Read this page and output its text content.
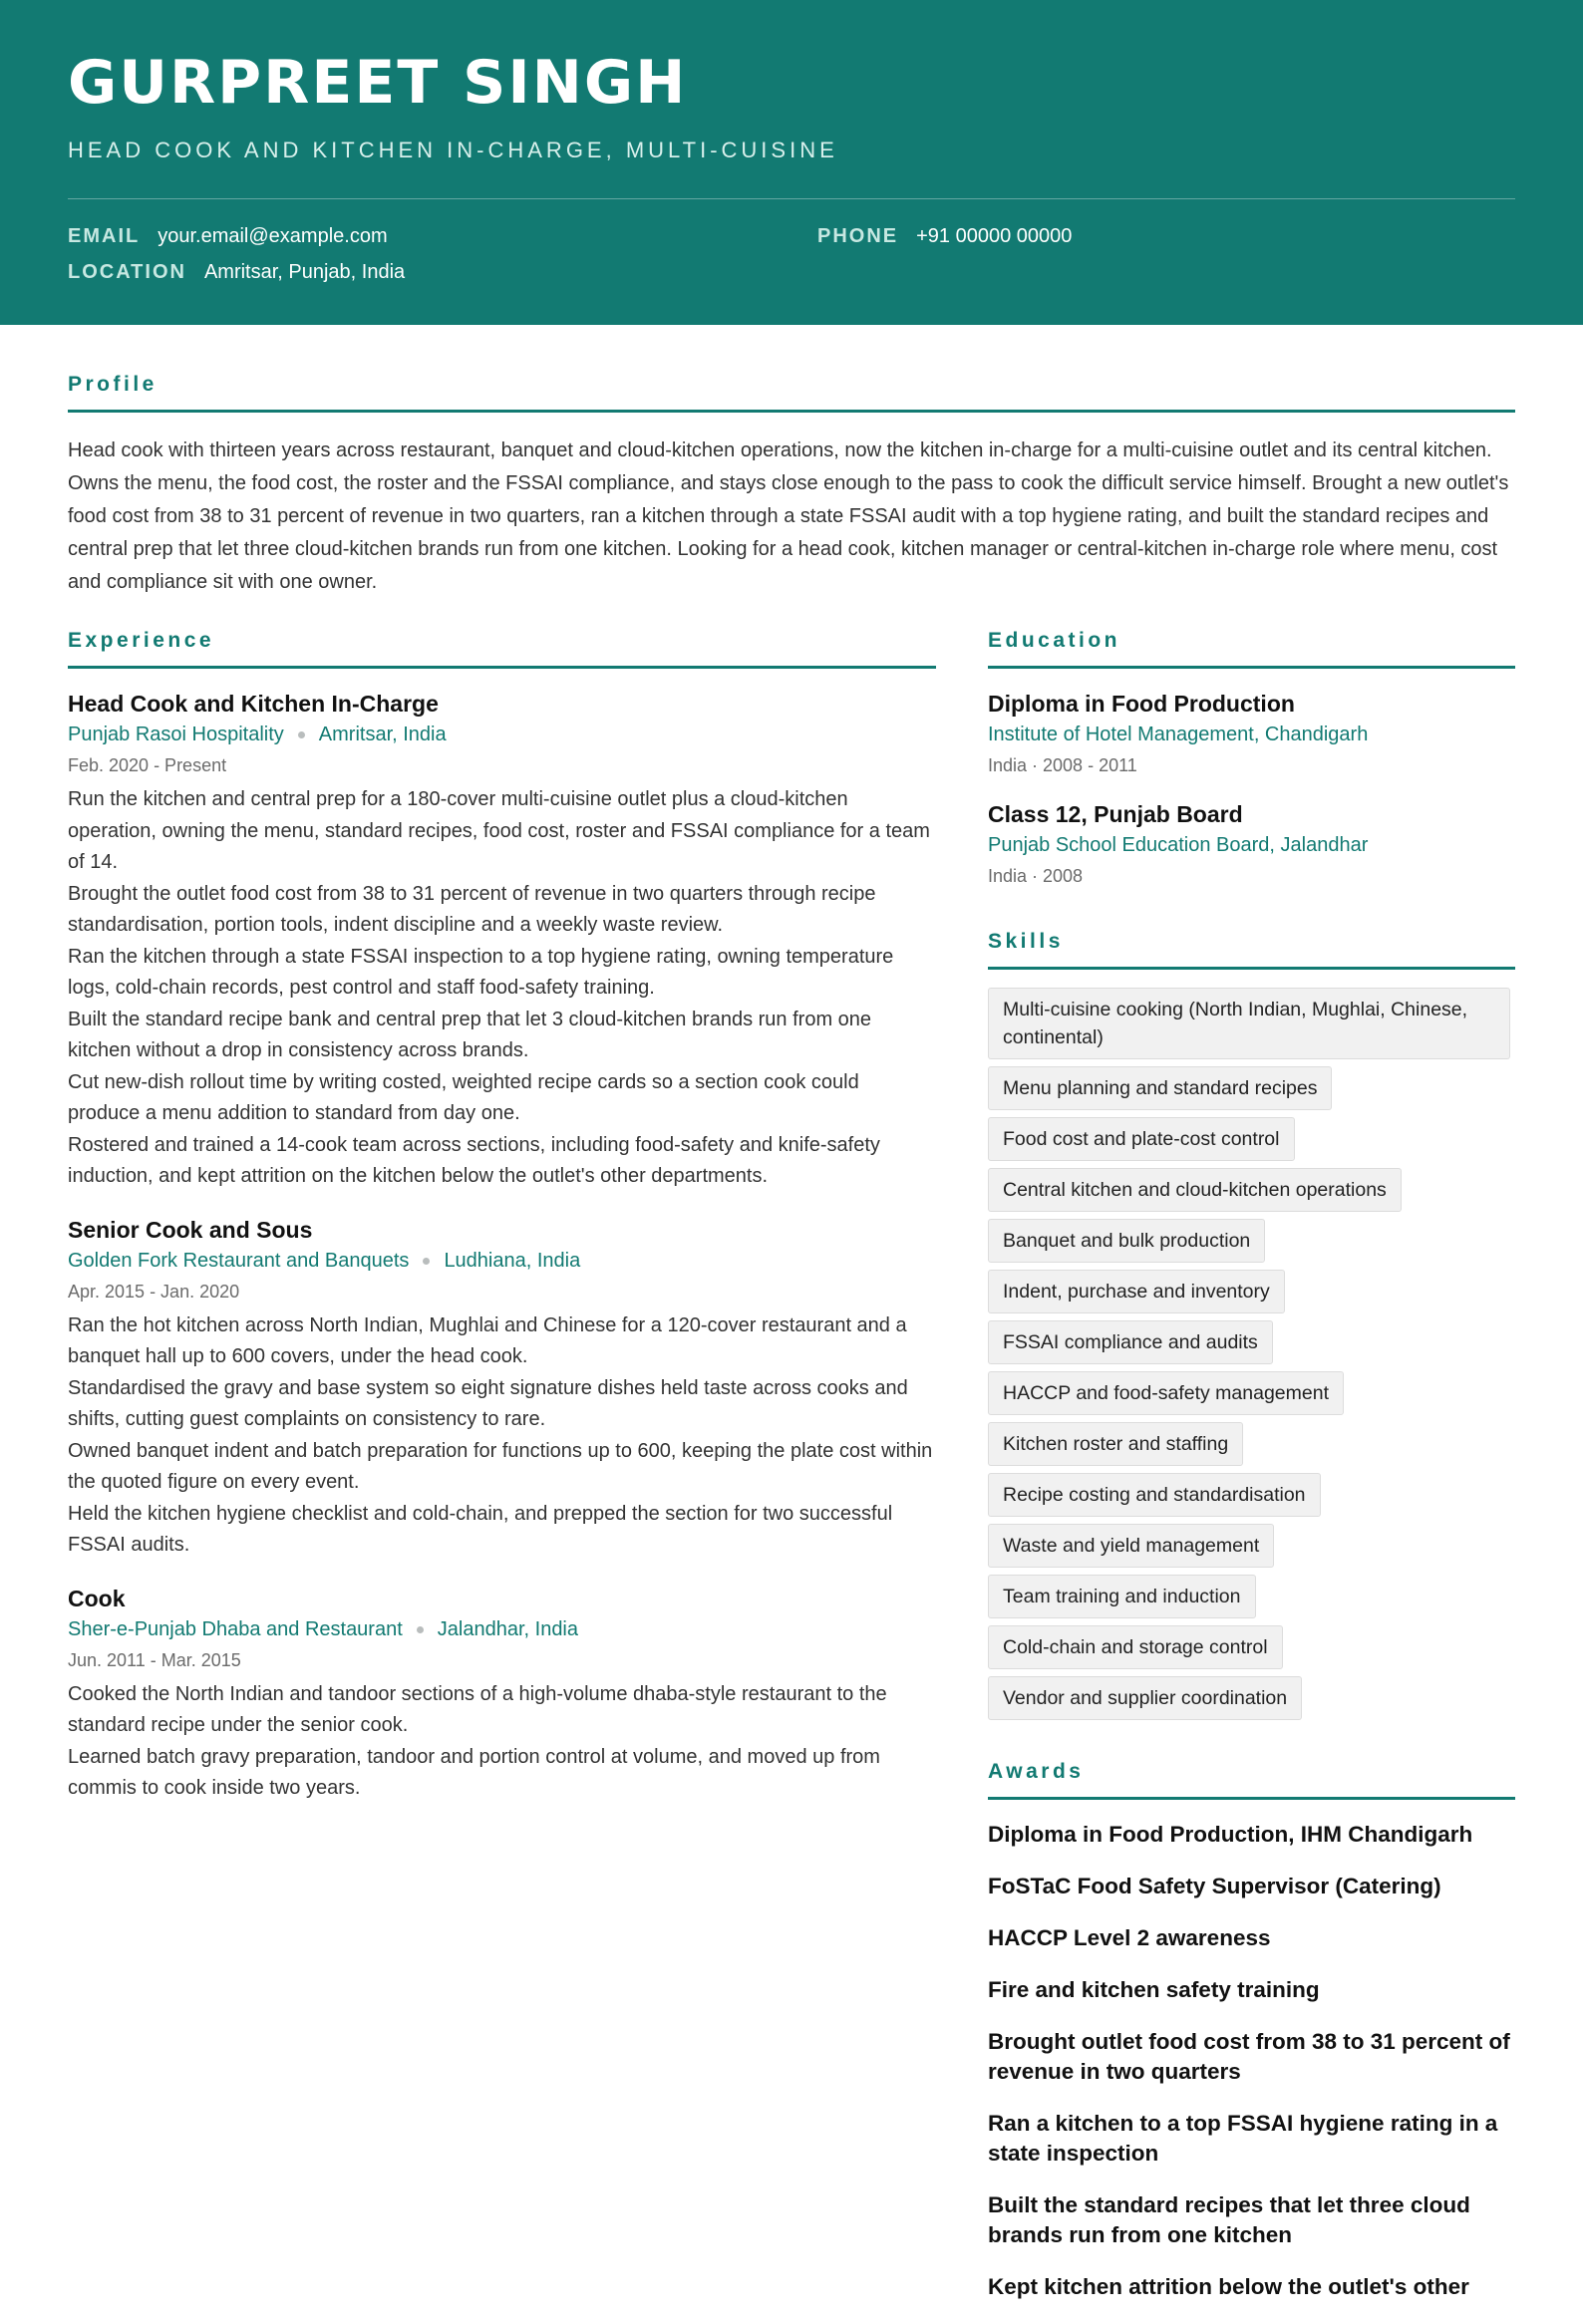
GURPREET SINGH
HEAD COOK AND KITCHEN IN-CHARGE, MULTI-CUISINE
EMAIL your.email@example.com	PHONE +91 00000 00000
LOCATION Amritsar, Punjab, India
Profile

Head cook with thirteen years across restaurant, banquet and cloud-kitchen operations, now the kitchen in-charge for a multi-cuisine outlet and its central kitchen. Owns the menu, the food cost, the roster and the FSSAI compliance, and stays close enough to the pass to cook the difficult service himself. Brought a new outlet's food cost from 38 to 31 percent of revenue in two quarters, ran a kitchen through a state FSSAI audit with a top hygiene rating, and built the standard recipes and central prep that let three cloud-kitchen brands run from one kitchen. Looking for a head cook, kitchen manager or central-kitchen in-charge role where menu, cost and compliance sit with one owner.

Experience
Head Cook and Kitchen In-Charge
Punjab Rasoi Hospitality Amritsar, India
Feb. 2020 - Present
Run the kitchen and central prep for a 180-cover multi-cuisine outlet plus a cloud-kitchen operation, owning the menu, standard recipes, food cost, roster and FSSAI compliance for a team of 14.
Brought the outlet food cost from 38 to 31 percent of revenue in two quarters through recipe standardisation, portion tools, indent discipline and a weekly waste review.
Ran the kitchen through a state FSSAI inspection to a top hygiene rating, owning temperature logs, cold-chain records, pest control and staff food-safety training.
Built the standard recipe bank and central prep that let 3 cloud-kitchen brands run from one kitchen without a drop in consistency across brands.
Cut new-dish rollout time by writing costed, weighted recipe cards so a section cook could produce a menu addition to standard from day one.
Rostered and trained a 14-cook team across sections, including food-safety and knife-safety induction, and kept attrition on the kitchen below the outlet's other departments.
Senior Cook and Sous
Golden Fork Restaurant and Banquets Ludhiana, India
Apr. 2015 - Jan. 2020
Ran the hot kitchen across North Indian, Mughlai and Chinese for a 120-cover restaurant and a banquet hall up to 600 covers, under the head cook.
Standardised the gravy and base system so eight signature dishes held taste across cooks and shifts, cutting guest complaints on consistency to rare.
Owned banquet indent and batch preparation for functions up to 600, keeping the plate cost within the quoted figure on every event.
Held the kitchen hygiene checklist and cold-chain, and prepped the section for two successful FSSAI audits.
Cook
Sher-e-Punjab Dhaba and Restaurant Jalandhar, India
Jun. 2011 - Mar. 2015
Cooked the North Indian and tandoor sections of a high-volume dhaba-style restaurant to the standard recipe under the senior cook.
Learned batch gravy preparation, tandoor and portion control at volume, and moved up from commis to cook inside two years.
Education
Diploma in Food Production
Institute of Hotel Management, Chandigarh
India · 2008 - 2011
Class 12, Punjab Board
Punjab School Education Board, Jalandhar
India · 2008
Skills
Multi-cuisine cooking (North Indian, Mughlai, Chinese, continental)
Menu planning and standard recipes
Food cost and plate-cost control
Central kitchen and cloud-kitchen operations
Banquet and bulk production
Indent, purchase and inventory
FSSAI compliance and audits
HACCP and food-safety management
Kitchen roster and staffing
Recipe costing and standardisation
Waste and yield management
Team training and induction
Cold-chain and storage control
Vendor and supplier coordination
Awards
Diploma in Food Production, IHM Chandigarh
FoSTaC Food Safety Supervisor (Catering)
HACCP Level 2 awareness
Fire and kitchen safety training
Brought outlet food cost from 38 to 31 percent of revenue in two quarters
Ran a kitchen to a top FSSAI hygiene rating in a state inspection
Built the standard recipes that let three cloud brands run from one kitchen
Kept kitchen attrition below the outlet's other
